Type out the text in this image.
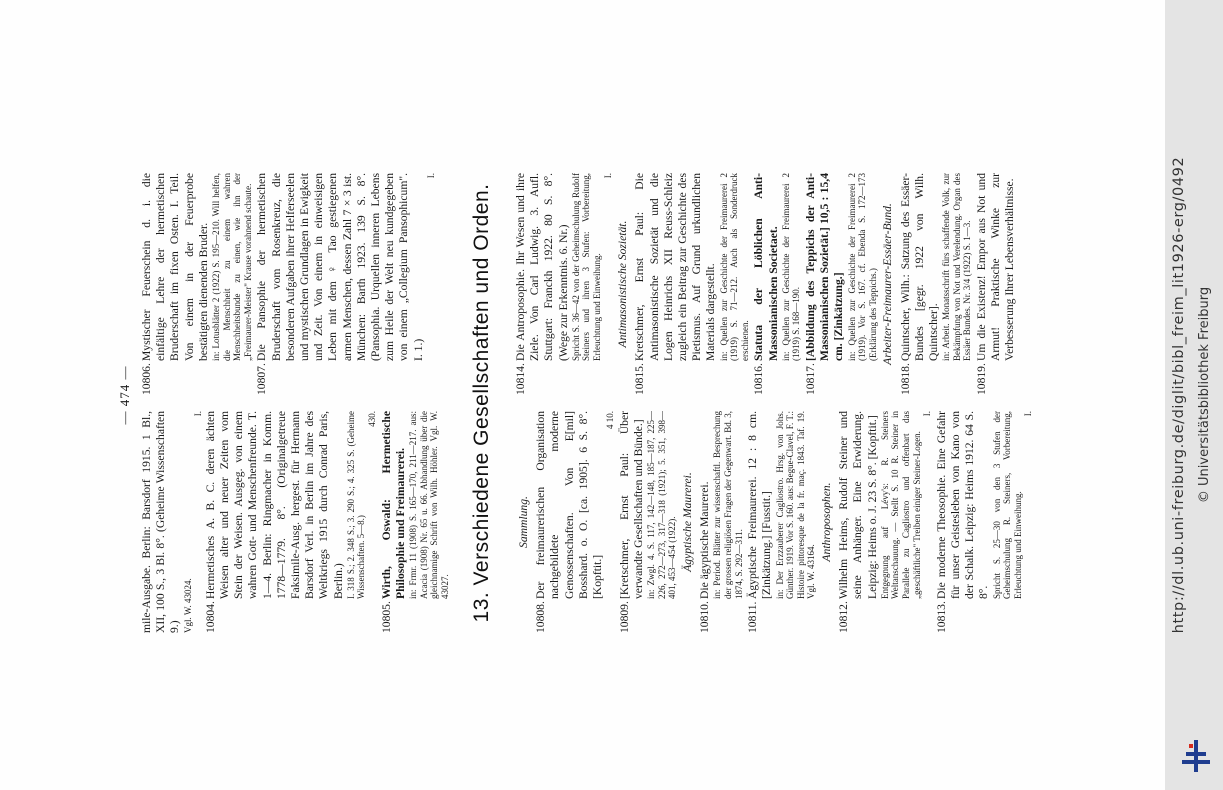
— 474 —
mile-Ausgabe. Berlin: Barsdorf 1915. 1 Bl., XII, 100 S., 3 Bl. 8°. (Geheime Wissenschaften 9.) Vgl. W. 43024.
I.
10804.
Hermetisches A. B. C. deren ächten Weisen alter und neuer Zeiten vom Stein der Weisen. Ausgeg. von einem wahren Gott- und Menschenfreunde. T. 1—4. Berlin: Ringmacher in Komm. 1778—1779. 8°. (Originalgetreue Faksimile-Ausg. hergest. für Hermann Barsdorf Verl. in Berlin im Jahre des Weltkriegs 1915 durch Conrad Paris, Berlin.) I. 318 S.; 2. 348 S.; 3. 290 S.; 4. 325 S. (Geheime Wissenschaften. 5—8.)
430.
10805.
Wirth, Oswald: Hermetische Philosophie und Freimaurerei. in: Frmr. 11 (1908) S. 165—170, 211—217. aus: Acacia (1908) Nr. 65 u. 66. Abhandlung über die gleichnamige Schrift von Wilh. Höhler. Vgl. W. 43027.
10806.
Mystischer Feuerschein d. i. die einfältige Lehre der hermetischen Bruderschaft im fixen Osten. I. Teil. Von einem in der Feuerprobe bestätigten dienenden Bruder. in: Lotusblätter 2 (1922) S. 195—210. Will helfen, die Menschheit zu einem wahren Menschheitsbunde zu einen, wie ihn der „Freimaurer-Meister" Krause vorahnend schaute.
10807.
Die Pansophie der hermetischen Bruderschaft vom Rosenkreuz, die besonderen Aufgaben ihrer Helferseelen und mystischen Grundlagen in Ewigkeit und Zeit. Von einem in einweisigen Leben mit dem ♀ Tao gestiegenen armen Menschen, dessen Zahl 7 × 3 ist. München: Barth 1923. 139 S. 8°. (Pansophia. Urquellen inneren Lebens zum Heile der Welt neu kundgegeben von einem „Collegium Pansophicum". I. 1.)
I.
13. Verschiedene Gesellschaften und Orden. Sammlung.
10808.
Der freimaurerischen Organisation nachgebildete moderne Genossenschaften. Von E[mil] Bosshard. o. O. [ca. 1905]. 6 S. 8°. [Kopftit.]
4 10.
10809.
[Kretschmer, Ernst Paul: Über verwandte Gesellschaften und Bünde.] in: Zwgl. 4. S. 117, 142—148, 185—187, 225—226, 272—273, 317—318 (1921); 5. 351, 398—401, 453—454 (1922). Ägyptische Maurerei.
10810.
Die ägyptische Maurerei. in: Period. Blätter zur wissenschaftl. Besprechung der grossen religiösen Fragen der Gegenwart. Bd. 3, 1874, S. 292—311.
10811.
Ägyptische Freimaurerei. 12 : 8 cm. [Zinkätzung.] [Fusstit.] in: Der Erzzauberer Cagliostro. Hrsg. von Johs. Günther. 1919. Vor S. 160. aus: Begue-Clavel, F. T.: Histoire pittoresque de la fr. maç. 1843. Taf. 19. Vgl. W. 43164.
Anthroposophen.
10812.
Wilhelm Heims, Rudolf Steiner und seine Anhänger. Eine Erwiderung. Leipzig: Heims o. J. 23 S. 8°. [Kopftit.] Entgegnung auf Lévy's: R. Steiners Weltanschauung. — Stellt S. 10 R. Steiner in Parallele zu Cagliostro und offenbart das „geschäftliche" Treiben einiger Steiner-Logen.
I.
10813.
Die moderne Theosophie. Eine Gefahr für unser Geistesleben von Kano von der Schalk. Leipzig: Heims 1912. 64 S. 8°. Spricht S. 25—30 von den 3 Stufen der Geheimschulung R. Steiners, Vorbereitung, Erleuchtung und Einweihung.
I.
10814.
Die Antroposophie. Ihr Wesen und ihre Ziele. Von Carl Ludwig. 3. Aufl. Stuttgart: Franckh 1922. 80 S. 8°. (Wege zur Erkenntnis. 6. Nr.) Spricht S. 36—42 von der Geheimschulung Rudolf Steiners und ihren 3 Stufen: Vorbereitung, Erleuchtung und Einweihung.
I.
Antimasonistische Sozietät.
10815.
Kretschmer, Ernst Paul: Die Antimasonistische Sozietät und die Logen Heinrichs XII Reuss-Schleiz zugleich ein Beitrag zur Geschichte des Pietismus. Auf Grund urkundlichen Materials dargestellt. in: Quellen zur Geschichte der Freimaurerei 2 (1919) S. 71—212. Auch als Sonderdruck erschienen.
10816.
Statuta der Löblichen Anti-Massonianischen Societaet. in: Quellen zur Geschichte der Freimaurerei 2 (1919) S. 168—190.
10817.
[Abbildung des Teppichs der Anti-Massonianischen Sozietät.] 10,5 : 15,4 cm. [Zinkätzung.] in: Quellen zur Geschichte der Freimaurerei 2 (1919). Vor S. 167. cf. Ebenda S. 172—173 (Erklärung des Teppichs.) Arbeiter-Freimaurer-Essäer-Bund.
10818.
Quintscher, Wilh.: Satzung des Essäer-Bundes [gegr. 1922 von Wilh. Quintscher]. in: Arbeit. Monatsschrift fürs schaffende Volk, zur Bekämpfung von Not und Verelendung. Organ des Essäer Bundes. Nr. 3/4 (1922) S. 1—3.
10819.
Um die Existenz! Empor aus Not und Armut! Praktische Winke zur Verbesserung Ihrer Lebensverhältnisse.	http://dl.ub.uni-freiburg.de/diglit/bibl_freim_lit1926-erg/0492 © Universitätsbibliothek Freiburg
